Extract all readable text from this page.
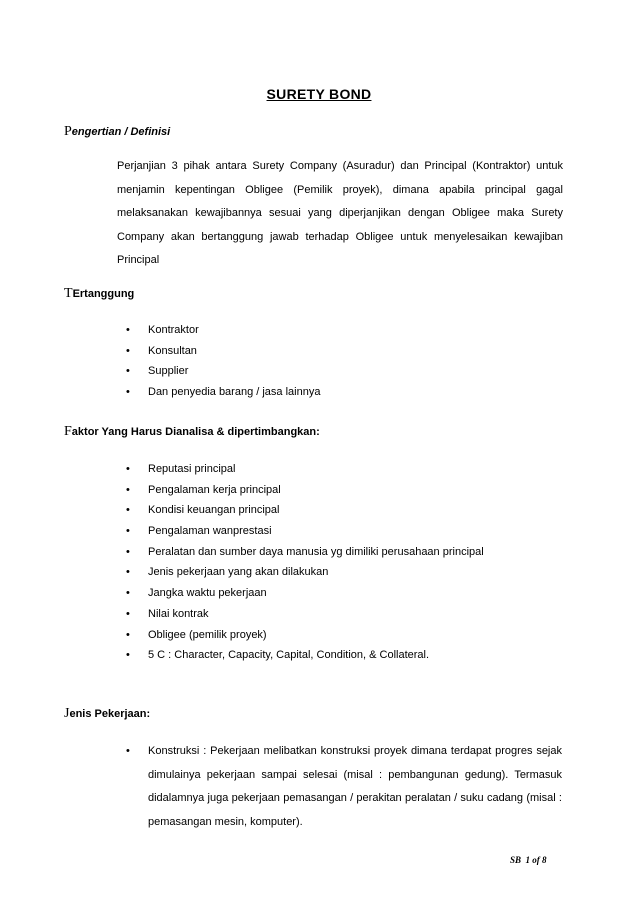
SURETY BOND
Pengertian / Definisi
Perjanjian 3 pihak antara Surety Company (Asuradur) dan Principal (Kontraktor) untuk menjamin kepentingan Obligee (Pemilik proyek), dimana apabila principal gagal melaksanakan kewajibannya sesuai yang diperjanjikan dengan Obligee maka Surety Company akan bertanggung jawab terhadap Obligee untuk menyelesaikan kewajiban Principal
TErtanggung
• Kontraktor
• Konsultan
• Supplier
• Dan penyedia barang / jasa lainnya
Faktor Yang Harus Dianalisa & dipertimbangkan:
• Reputasi principal
• Pengalaman kerja principal
• Kondisi keuangan principal
• Pengalaman wanprestasi
• Peralatan dan sumber daya manusia yg dimiliki perusahaan principal
• Jenis pekerjaan yang akan dilakukan
• Jangka waktu pekerjaan
• Nilai kontrak
• Obligee (pemilik proyek)
• 5 C : Character, Capacity, Capital, Condition, & Collateral.
Jenis Pekerjaan:
• Konstruksi : Pekerjaan melibatkan konstruksi proyek dimana terdapat progres sejak dimulainya pekerjaan sampai selesai (misal : pembangunan gedung). Termasuk didalamnya juga pekerjaan pemasangan / perakitan peralatan / suku cadang (misal : pemasangan mesin, komputer).
SB  1 of 8
